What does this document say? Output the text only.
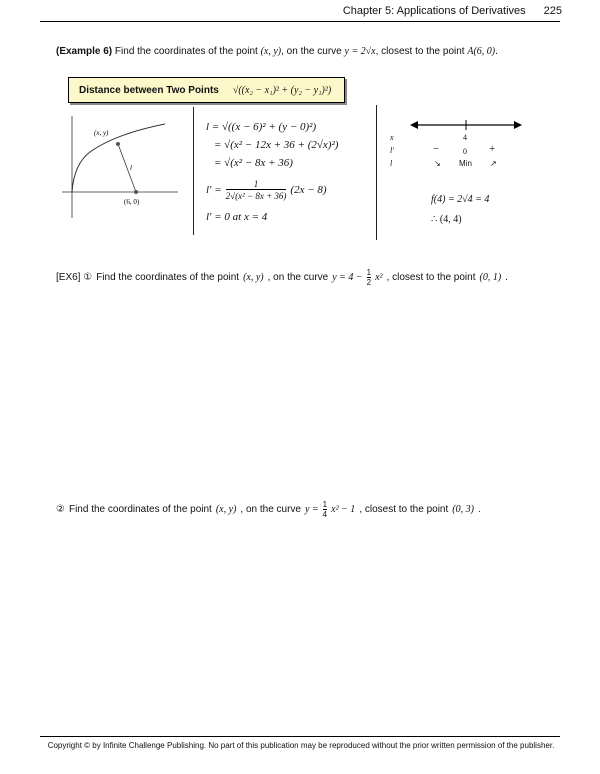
Chapter 5: Applications of Derivatives 225
(Example 6) Find the coordinates of the point (x, y), on the curve y = 2√x, closest to the point A(6, 0).
Distance between Two Points √((x₂ − x₁)² + (y₂ − y₁)²)
(x, y)
l
(6, 0)
l = √((x − 6)² + (y − 0)²)
= √(x² − 12x + 36 + (2√x)²)
= √(x² − 8x + 36)
$l' = \frac{1}{\text{2√(x² − 8x + 36)}} (2x - 8)$
l′ = 0 at x = 4
x
l′
l
4
−	0 +
↘ Min ↗
f(4) = 2√4 = 4
∴ (4, 4)
[EX6] ① Find the coordinates of the point (x, y) , on the curve $y = 4 - \frac{1}{2} x^2$ , closest to the point (0, 1) .
② Find the coordinates of the point (x, y) , on the curve $y = \frac{1}{4} x^2 - 1$ , closest to the point (0, 3) .
Copyright © by Infinite Challenge Publishing. No part of this publication may be reproduced without the prior written permission of the publisher.
